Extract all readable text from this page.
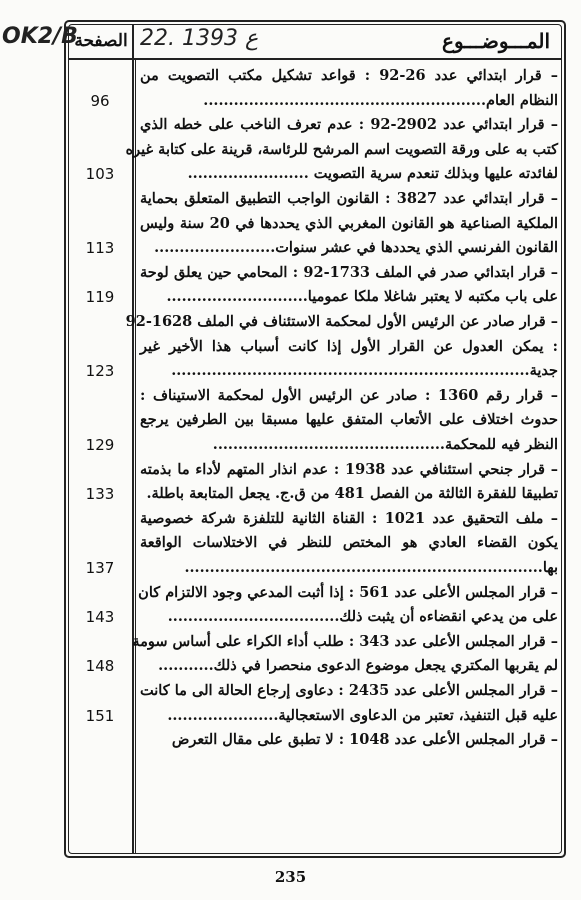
الصفحة	المـــوضـــوع
OK2/B	22. ع 1393
– قرار ابتدائي عدد 26-92 : قواعد تشكيل مكتب التصويت من
النظام العام........................................................
96
– قرار ابتدائي عدد 2902-92 : عدم تعرف الناخب على خطه الذي
كتب به على ورقة التصويت اسم المرشح للرئاسة، قرينة على كتابة غيره
لفائدته عليها وبذلك تنعدم سرية التصويت ........................
103
– قرار ابتدائي عدد 3827 : القانون الواجب التطبيق المتعلق بحماية
الملكية الصناعية هو القانون المغربي الذي يحددها في 20 سنة وليس
القانون الفرنسي الذي يحددها في عشر سنوات........................
113
– قرار ابتدائي صدر في الملف 1733-92 : المحامي حين يعلق لوحة
على باب مكتبه لا يعتبر شاغلا ملكا عموميا............................
119
– قرار صادر عن الرئيس الأول لمحكمة الاستئناف في الملف 1628-92
: يمكن العدول عن القرار الأول إذا كانت أسباب هذا الأخير غير
جدية.......................................................................
123
– قرار رقم 1360 : صادر عن الرئيس الأول لمحكمة الاستيناف :
حدوث اختلاف على الأتعاب المتفق عليها مسبقا بين الطرفين يرجع
النظر فيه للمحكمة..............................................
129
– قرار جنحي استئنافي عدد 1938 : عدم انذار المتهم لأداء ما بذمته
تطبيقا للفقرة الثالثة من الفصل 481 من ق.ج. يجعل المتابعة باطلة.
133
– ملف التحقيق عدد 1021 : القناة الثانية للتلفزة شركة خصوصية
يكون القضاء العادي هو المختص للنظر في الاختلاسات الواقعة
بها.......................................................................
137
– قرار المجلس الأعلى عدد 561 : إذا أثبت المدعي وجود الالتزام كان
على من يدعي انقضاءه أن يثبت ذلك..................................
143
– قرار المجلس الأعلى عدد 343 : طلب أداء الكراء على أساس سومة
لم يقربها المكتري يجعل موضوع الدعوى منحصرا في ذلك...........
148
– قرار المجلس الأعلى عدد 2435 : دعاوى إرجاع الحالة الى ما كانت
عليه قبل التنفيذ، تعتبر من الدعاوى الاستعجالية......................
151
– قرار المجلس الأعلى عدد 1048 : لا تطبق على مقال التعرض
235
